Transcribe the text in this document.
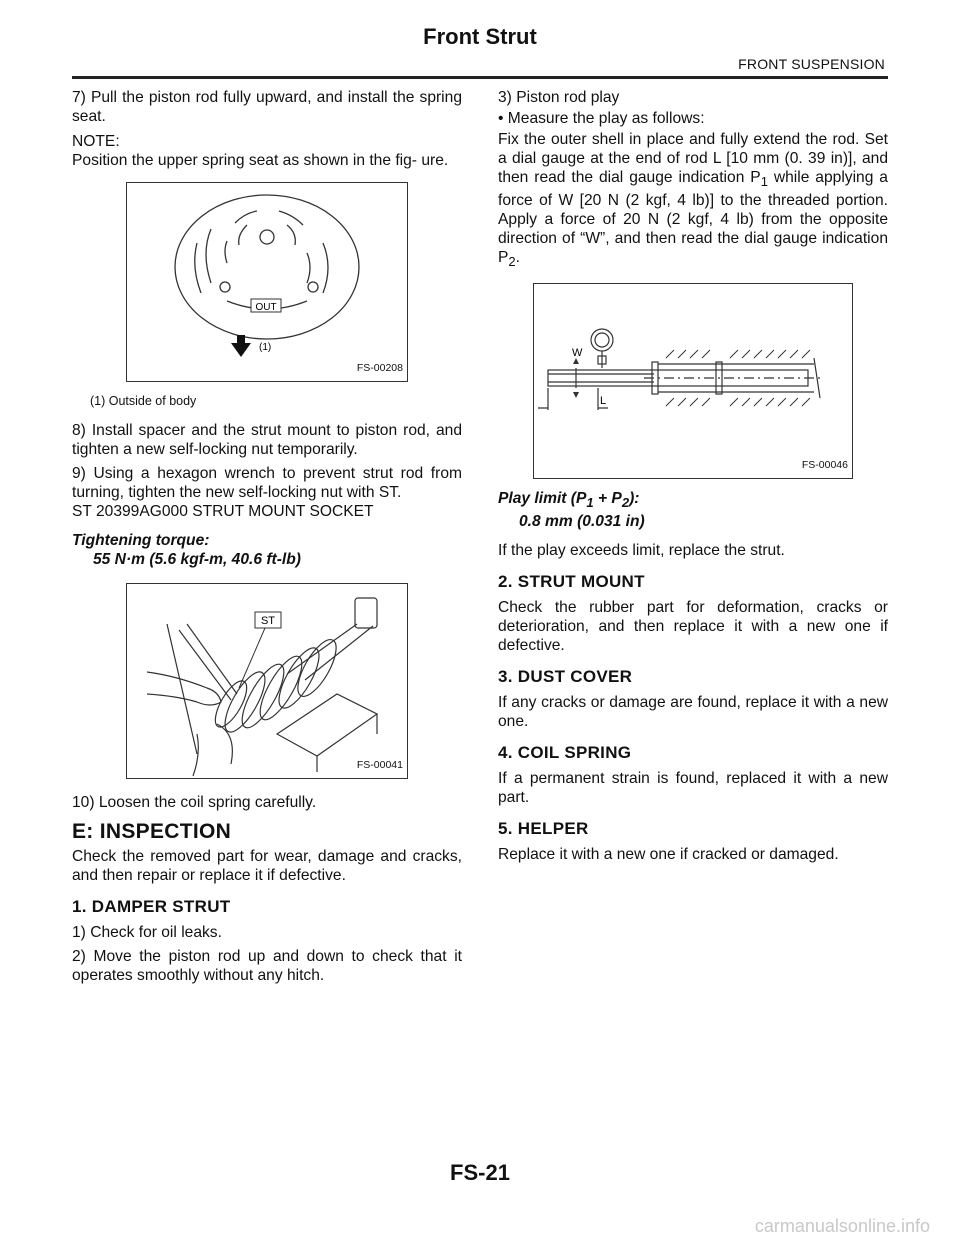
Front Strut
FRONT SUSPENSION

7) Pull the piston rod fully upward, and install the spring seat.

NOTE:

Position the upper spring seat as shown in the fig- ure.

OUT
(1)
FS-00208

(1) Outside of body

8) Install spacer and the strut mount to piston rod, and tighten a new self-locking nut temporarily.

9) Using a hexagon wrench to prevent strut rod from turning, tighten the new self-locking nut with ST.

ST 20399AG000 STRUT MOUNT SOCKET

Tightening torque:
55 N·m (5.6 kgf-m, 40.6 ft-lb)
ST
FS-00041

10) Loosen the coil spring carefully.

E: INSPECTION

Check the removed part for wear, damage and cracks, and then repair or replace it if defective.

1. DAMPER STRUT

1) Check for oil leaks.

2) Move the piston rod up and down to check that it operates smoothly without any hitch.

3) Piston rod play

• Measure the play as follows:

Fix the outer shell in place and fully extend the rod. Set a dial gauge at the end of rod L [10 mm (0. 39 in)], and then read the dial gauge indication $P_1$ while applying a force of W [20 N (2 kgf, 4 lb)] to the threaded portion. Apply a force of 20 N (2 kgf, 4 lb) from the opposite direction of “W”, and then read the dial gauge indication $P_2$.

W
L
FS-00046
Play limit $(P_1 + P_2)$:
0.8 mm (0.031 in)

If the play exceeds limit, replace the strut.

2. STRUT MOUNT

Check the rubber part for deformation, cracks or deterioration, and then replace it with a new one if defective.

3. DUST COVER

If any cracks or damage are found, replace it with a new one.

4. COIL SPRING

If a permanent strain is found, replaced it with a new part.

5. HELPER

Replace it with a new one if cracked or damaged.

FS-21
carmanualsonline.info
